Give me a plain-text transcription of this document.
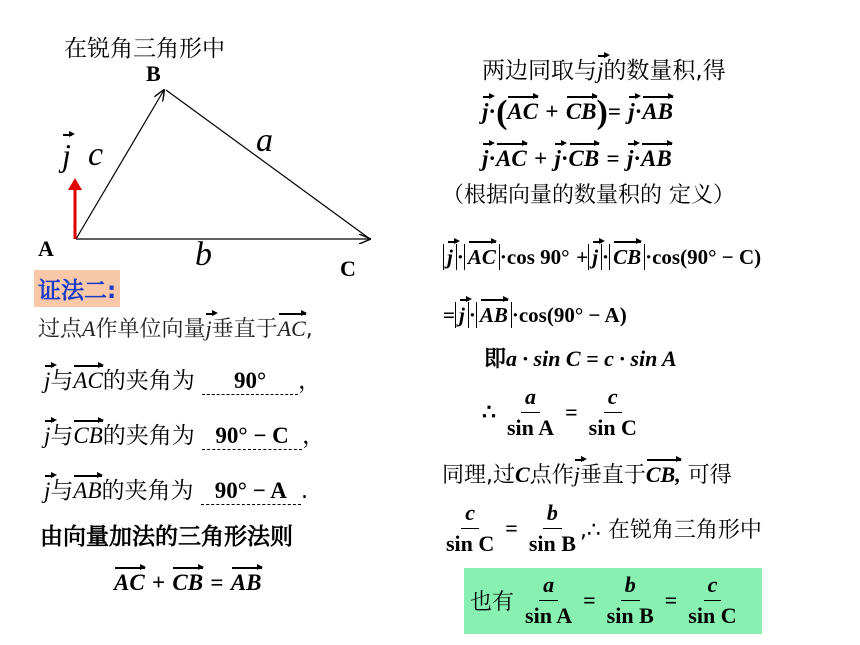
在锐角三角形中
B
A
C
a
b
c
j
证法二:
过点A作单位向量j垂直于AC,
j与AC的夹角为 90° ，
j与CB的夹角为 90° − C ，
j与AB的夹角为 90° − A .
由向量加法的三角形法则
AC + CB = AB
两边同取与j的数量积,得
j·(AC + CB)= j·AB
j·AC + j·CB = j·AB
（根据向量的数量积的 定义）
j · AC ·cos 90° + j · CB ·cos(90° − C)
= j · AB ·cos(90° − A)
即a · sin C = c · sin A
∴ $\frac{a}{\text{sin A}} = \frac{c}{\text{sin C}}$
同理,过C点作j垂直于CB, 可得
$\frac{c}{\text{sin C}} = \frac{b}{\text{sin B}}$ ,∴ 在锐角三角形中
也有 $\frac{a}{\text{sin A}} = \frac{b}{\text{sin B}} = \frac{c}{\text{sin C}}$
